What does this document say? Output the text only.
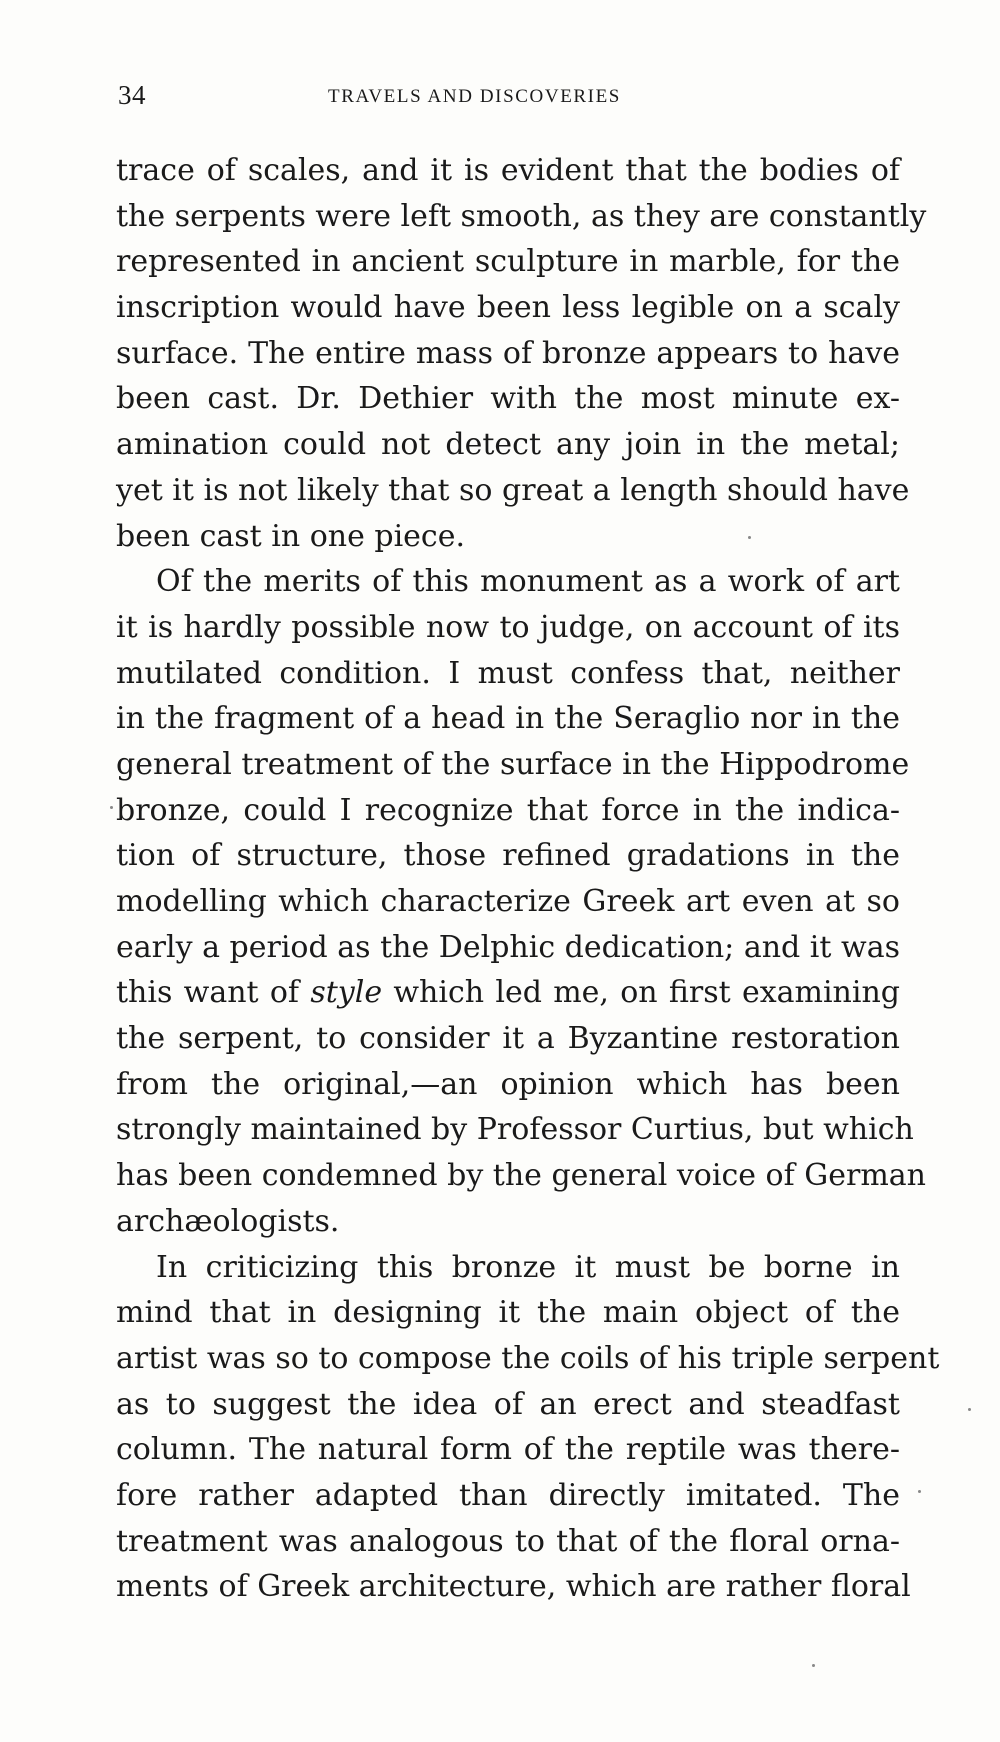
34	TRAVELS AND DISCOVERIES
trace of scales, and it is evident that the bodies of
the serpents were left smooth, as they are constantly
represented in ancient sculpture in marble, for the
inscription would have been less legible on a scaly
surface. The entire mass of bronze appears to have
been cast. Dr. Dethier with the most minute ex-
amination could not detect any join in the metal;
yet it is not likely that so great a length should have
been cast in one piece.
Of the merits of this monument as a work of art
it is hardly possible now to judge, on account of its
mutilated condition. I must confess that, neither
in the fragment of a head in the Seraglio nor in the
general treatment of the surface in the Hippodrome
bronze, could I recognize that force in the indica-
tion of structure, those refined gradations in the
modelling which characterize Greek art even at so
early a period as the Delphic dedication; and it was
this want of style which led me, on first examining
the serpent, to consider it a Byzantine restoration
from the original,—an opinion which has been
strongly maintained by Professor Curtius, but which
has been condemned by the general voice of German
archæologists.
In criticizing this bronze it must be borne in
mind that in designing it the main object of the
artist was so to compose the coils of his triple serpent
as to suggest the idea of an erect and steadfast
column. The natural form of the reptile was there-
fore rather adapted than directly imitated. The
treatment was analogous to that of the floral orna-
ments of Greek architecture, which are rather floral
